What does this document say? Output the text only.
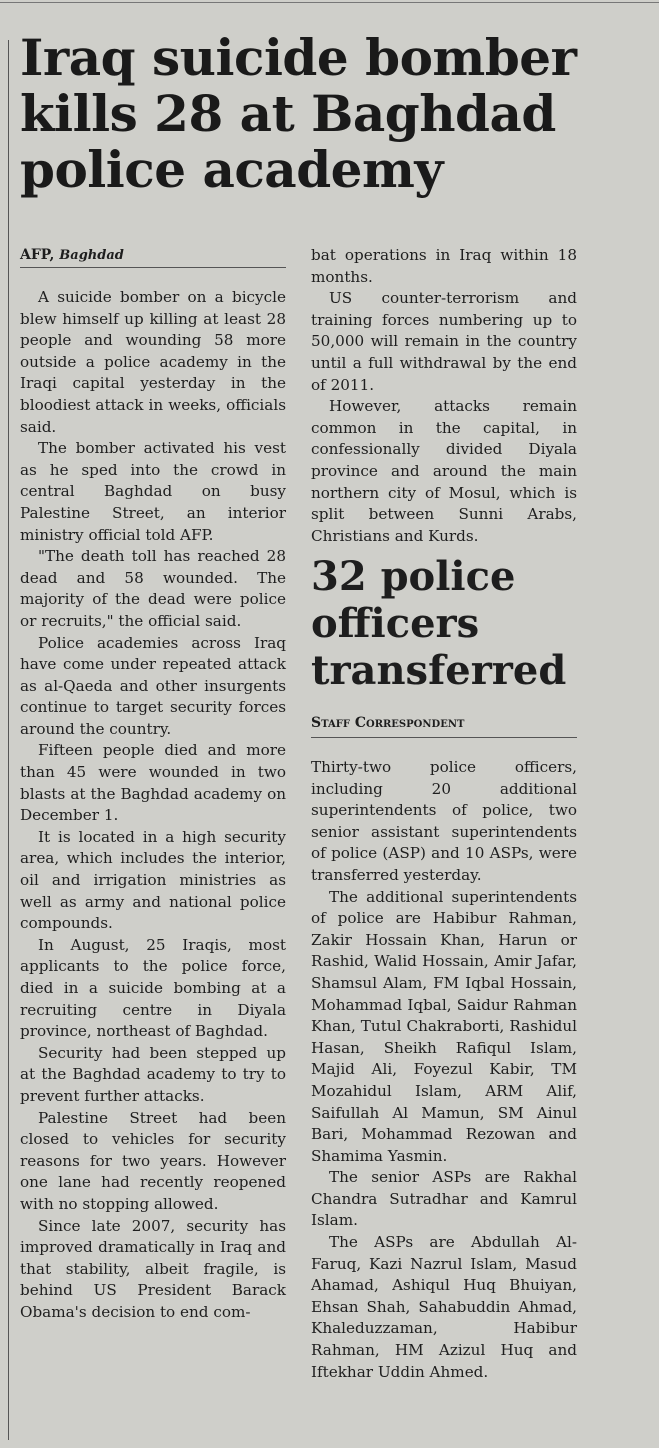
Iraq suicide bomber
kills 28 at Baghdad
police academy
AFP, Baghdad

A suicide bomber on a bicycle blew himself up killing at least 28 people and wounding 58 more outside a police academy in the Iraqi capital yesterday in the bloodiest attack in weeks, officials said.

The bomber activated his vest as he sped into the crowd in central Baghdad on busy Palestine Street, an interior ministry official told AFP.

"The death toll has reached 28 dead and 58 wounded. The majority of the dead were police or recruits," the official said.

Police academies across Iraq have come under repeated attack as al-Qaeda and other insurgents continue to target security forces around the country.

Fifteen people died and more than 45 were wounded in two blasts at the Baghdad academy on December 1.

It is located in a high security area, which includes the interior, oil and irrigation ministries as well as army and national police compounds.

In August, 25 Iraqis, most applicants to the police force, died in a suicide bombing at a recruiting centre in Diyala province, northeast of Baghdad.

Security had been stepped up at the Baghdad academy to try to prevent further attacks.

Palestine Street had been closed to vehicles for security reasons for two years. However one lane had recently reopened with no stopping allowed.

Since late 2007, security has improved dramatically in Iraq and that stability, albeit fragile, is behind US President Barack Obama's decision to end com-

bat operations in Iraq within 18 months.

US counter-terrorism and training forces numbering up to 50,000 will remain in the country until a full withdrawal by the end of 2011.

However, attacks remain common in the capital, in confessionally divided Diyala province and around the main northern city of Mosul, which is split between Sunni Arabs, Christians and Kurds.

32 police
officers
transferred
Staff Correspondent

Thirty-two police officers, including 20 additional superintendents of police, two senior assistant superintendents of police (ASP) and 10 ASPs, were transferred yesterday.

The additional superintendents of police are Habibur Rahman, Zakir Hossain Khan, Harun or Rashid, Walid Hossain, Amir Jafar, Shamsul Alam, FM Iqbal Hossain, Mohammad Iqbal, Saidur Rahman Khan, Tutul Chakraborti, Rashidul Hasan, Sheikh Rafiqul Islam, Majid Ali, Foyezul Kabir, TM Mozahidul Islam, ARM Alif, Saifullah Al Mamun, SM Ainul Bari, Mohammad Rezowan and Shamima Yasmin.

The senior ASPs are Rakhal Chandra Sutradhar and Kamrul Islam.

The ASPs are Abdullah Al-Faruq, Kazi Nazrul Islam, Masud Ahamad, Ashiqul Huq Bhuiyan, Ehsan Shah, Sahabuddin Ahmad, Khaleduzzaman, Habibur Rahman, HM Azizul Huq and Iftekhar Uddin Ahmed.
